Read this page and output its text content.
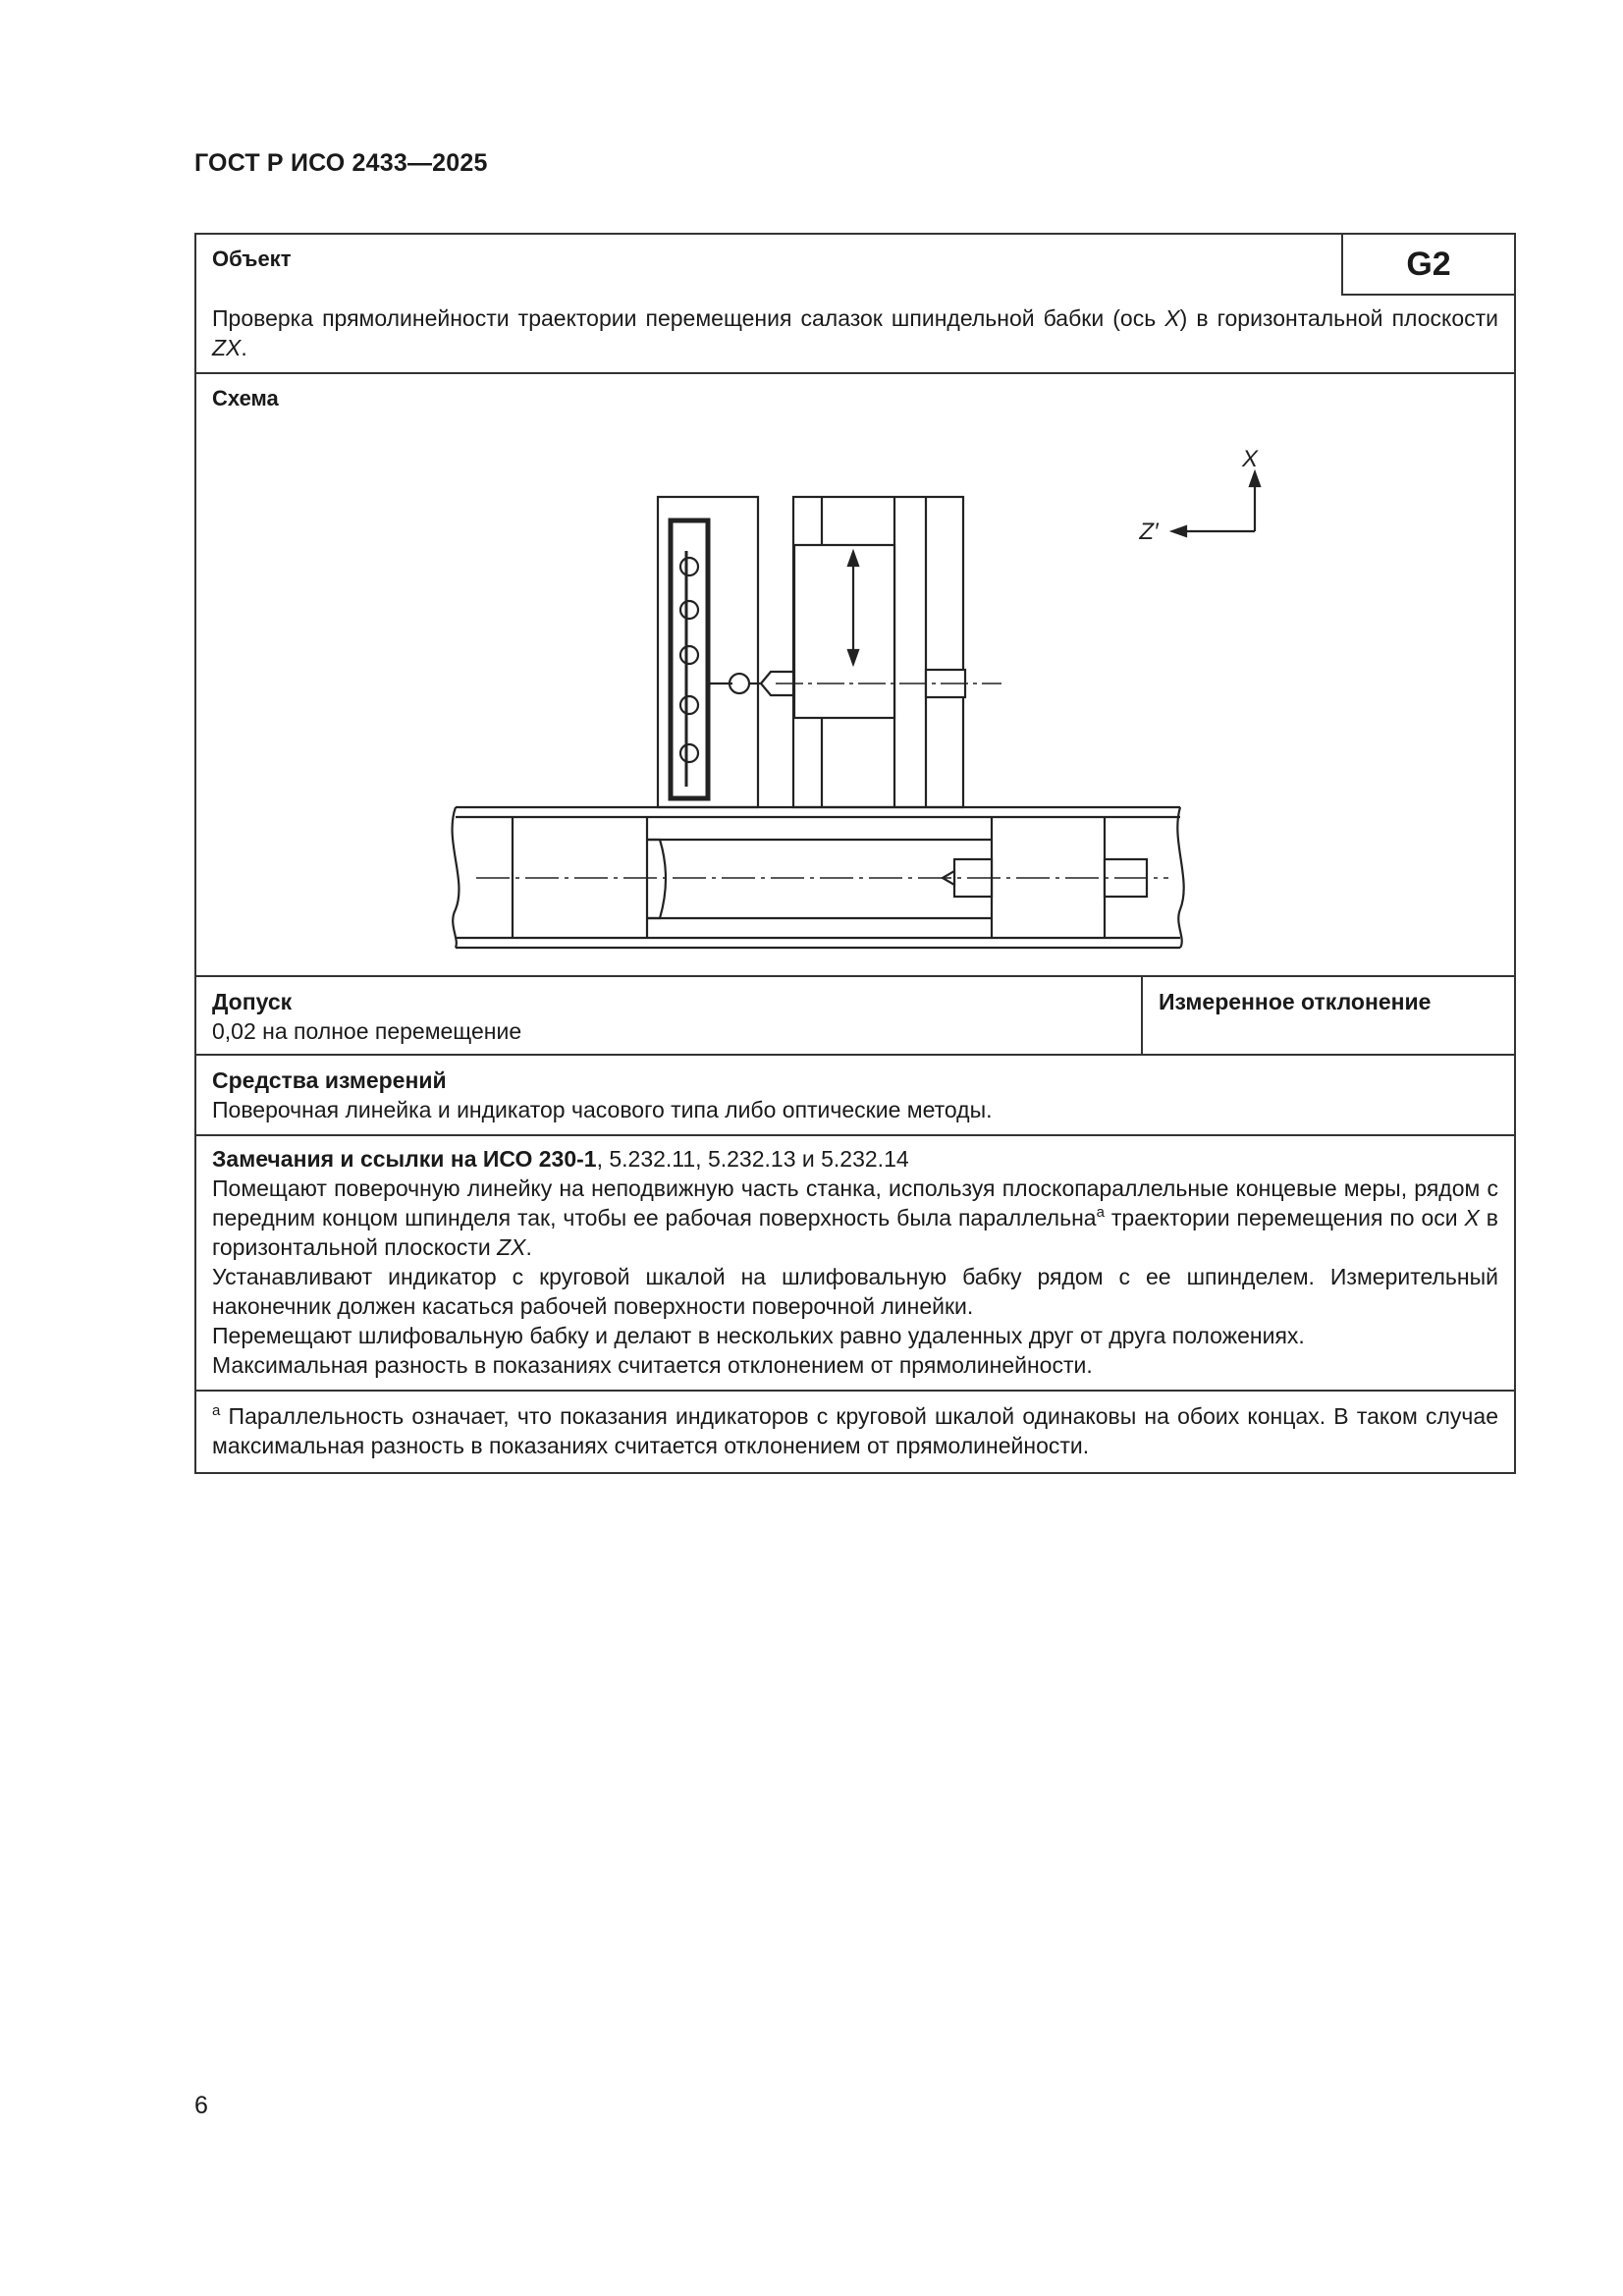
ГОСТ Р ИСО 2433—2025
Объект	G2
Проверка прямолинейности траектории перемещения салазок шпиндельной бабки (ось X) в горизонтальной плоскости ZX.
Схема
X
Z′
Допуск
0,02 на полное перемещение
Измеренное отклонение
Средства измерений
Поверочная линейка и индикатор часового типа либо оптические методы.

Замечания и ссылки на ИСО 230-1, 5.232.11, 5.232.13 и 5.232.14

Помещают поверочную линейку на неподвижную часть станка, используя плоскопараллельные концевые меры, рядом с передним концом шпинделя так, чтобы ее рабочая поверхность была параллельна$^a$ траектории перемещения по оси X в горизонтальной плоскости ZX.

Устанавливают индикатор с круговой шкалой на шлифовальную бабку рядом с ее шпинделем. Измерительный наконечник должен касаться рабочей поверхности поверочной линейки.

Перемещают шлифовальную бабку и делают в нескольких равно удаленных друг от друга положениях.

Максимальная разность в показаниях считается отклонением от прямолинейности.

$^a$ Параллельность означает, что показания индикаторов с круговой шкалой одинаковы на обоих концах. В таком случае максимальная разность в показаниях считается отклонением от прямолинейности.
6
